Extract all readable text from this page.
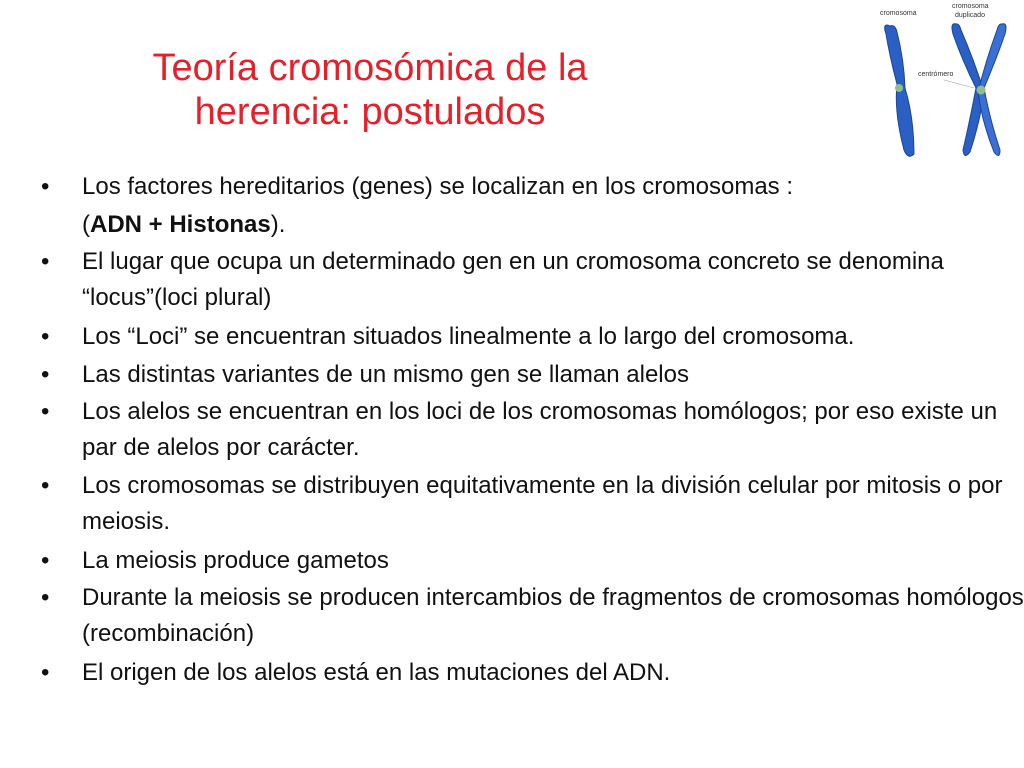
Teoría cromosómica de la
herencia: postulados
cromosoma
cromosoma
duplicado
centrómero
• Los factores hereditarios (genes) se localizan en los cromosomas :
(ADN + Histonas).
• El lugar que ocupa un determinado gen en un cromosoma concreto se denomina “locus”(loci plural)
• Los “Loci” se encuentran situados linealmente a lo largo del cromosoma.
• Las distintas variantes de un mismo gen se llaman alelos
• Los alelos se encuentran en los loci de los cromosomas homólogos; por eso existe un par de alelos por carácter.
• Los cromosomas se distribuyen equitativamente en la división celular por mitosis o por meiosis.
• La meiosis produce gametos
• Durante la meiosis se producen intercambios de fragmentos de cromosomas homólogos (recombinación)
• El origen de los alelos está en las mutaciones del ADN.
